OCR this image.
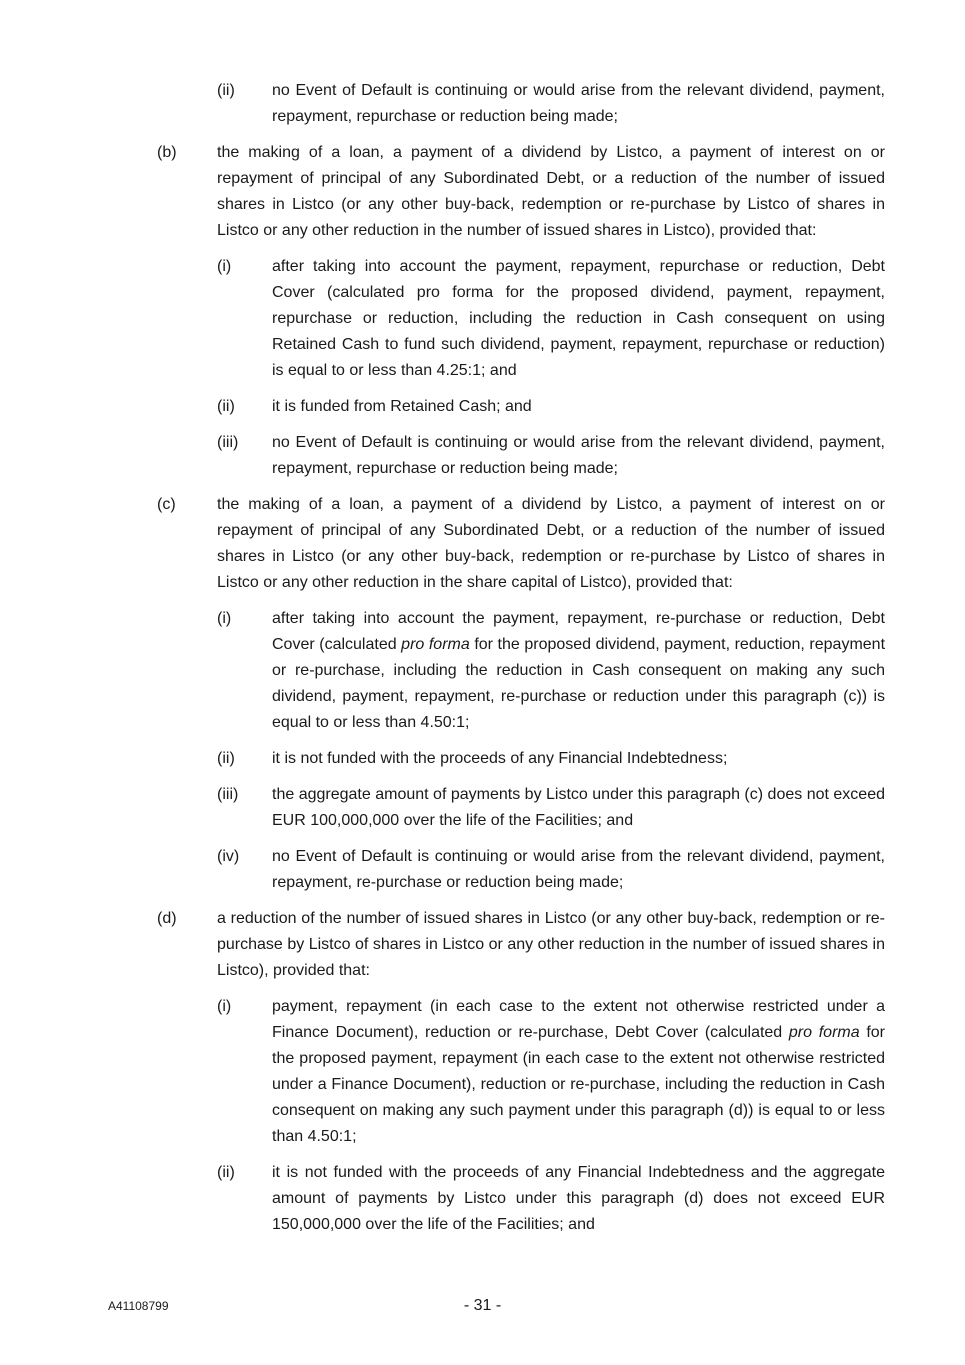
(ii) no Event of Default is continuing or would arise from the relevant dividend, payment, repayment, repurchase or reduction being made;
(b)	the making of a loan, a payment of a dividend by Listco, a payment of interest on or repayment of principal of any Subordinated Debt, or a reduction of the number of issued shares in Listco (or any other buy-back, redemption or re-purchase by Listco of shares in Listco or any other reduction in the number of issued shares in Listco), provided that:
(i)	after taking into account the payment, repayment, repurchase or reduction, Debt Cover (calculated pro forma for the proposed dividend, payment, repayment, repurchase or reduction, including the reduction in Cash consequent on using Retained Cash to fund such dividend, payment, repayment, repurchase or reduction) is equal to or less than 4.25:1; and
(ii) it is funded from Retained Cash; and
(iii) no Event of Default is continuing or would arise from the relevant dividend, payment, repayment, repurchase or reduction being made;
(c)	the making of a loan, a payment of a dividend by Listco, a payment of interest on or repayment of principal of any Subordinated Debt, or a reduction of the number of issued shares in Listco (or any other buy-back, redemption or re-purchase by Listco of shares in Listco or any other reduction in the share capital of Listco), provided that:
(i)	after taking into account the payment, repayment, re-purchase or reduction, Debt Cover (calculated pro forma for the proposed dividend, payment, reduction, repayment or re-purchase, including the reduction in Cash consequent on making any such dividend, payment, repayment, re-purchase or reduction under this paragraph (c)) is equal to or less than 4.50:1;
(ii) it is not funded with the proceeds of any Financial Indebtedness;
(iii) the aggregate amount of payments by Listco under this paragraph (c) does not exceed EUR 100,000,000 over the life of the Facilities; and
(iv) no Event of Default is continuing or would arise from the relevant dividend, payment, repayment, re-purchase or reduction being made;
(d)	a reduction of the number of issued shares in Listco (or any other buy-back, redemption or re-purchase by Listco of shares in Listco or any other reduction in the number of issued shares in Listco), provided that:
(i)	payment, repayment (in each case to the extent not otherwise restricted under a Finance Document), reduction or re-purchase, Debt Cover (calculated pro forma for the proposed payment, repayment (in each case to the extent not otherwise restricted under a Finance Document), reduction or re-purchase, including the reduction in Cash consequent on making any such payment under this paragraph (d)) is equal to or less than 4.50:1;
(ii) it is not funded with the proceeds of any Financial Indebtedness and the aggregate amount of payments by Listco under this paragraph (d) does not exceed EUR 150,000,000 over the life of the Facilities; and
A41108799	- 31 -
